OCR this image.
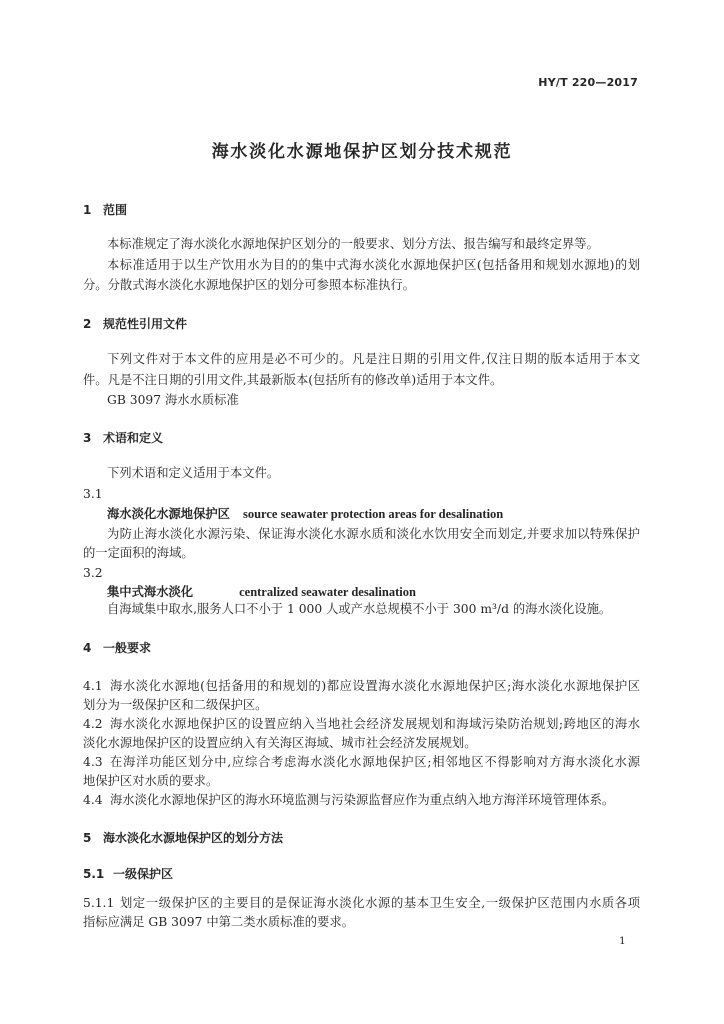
HY/T 220—2017
海水淡化水源地保护区划分技术规范
1 范围
本标准规定了海水淡化水源地保护区划分的一般要求、划分方法、报告编写和最终定界等。
本标准适用于以生产饮用水为目的的集中式海水淡化水源地保护区(包括备用和规划水源地)的划
分。分散式海水淡化水源地保护区的划分可参照本标准执行。
2 规范性引用文件
下列文件对于本文件的应用是必不可少的。凡是注日期的引用文件,仅注日期的版本适用于本文
件。凡是不注日期的引用文件,其最新版本(包括所有的修改单)适用于本文件。
GB 3097 海水水质标准
3 术语和定义
下列术语和定义适用于本文件。
3.1
海水淡化水源地保护区 source seawater protection areas for desalination
为防止海水淡化水源污染、保证海水淡化水源水质和淡化水饮用安全而划定,并要求加以特殊保护
的一定面积的海域。
3.2
集中式海水淡化	centralized seawater desalination
自海域集中取水,服务人口不小于 1 000 人或产水总规模不小于 300 m³/d 的海水淡化设施。
4 一般要求
4.1 海水淡化水源地(包括备用的和规划的)都应设置海水淡化水源地保护区;海水淡化水源地保护区
划分为一级保护区和二级保护区。
4.2 海水淡化水源地保护区的设置应纳入当地社会经济发展规划和海域污染防治规划;跨地区的海水
淡化水源地保护区的设置应纳入有关海区海域、城市社会经济发展规划。
4.3 在海洋功能区划分中,应综合考虑海水淡化水源地保护区;相邻地区不得影响对方海水淡化水源
地保护区对水质的要求。
4.4 海水淡化水源地保护区的海水环境监测与污染源监督应作为重点纳入地方海洋环境管理体系。
5 海水淡化水源地保护区的划分方法
5.1 一级保护区
5.1.1 划定一级保护区的主要目的是保证海水淡化水源的基本卫生安全,一级保护区范围内水质各项
指标应满足 GB 3097 中第二类水质标准的要求。
1
